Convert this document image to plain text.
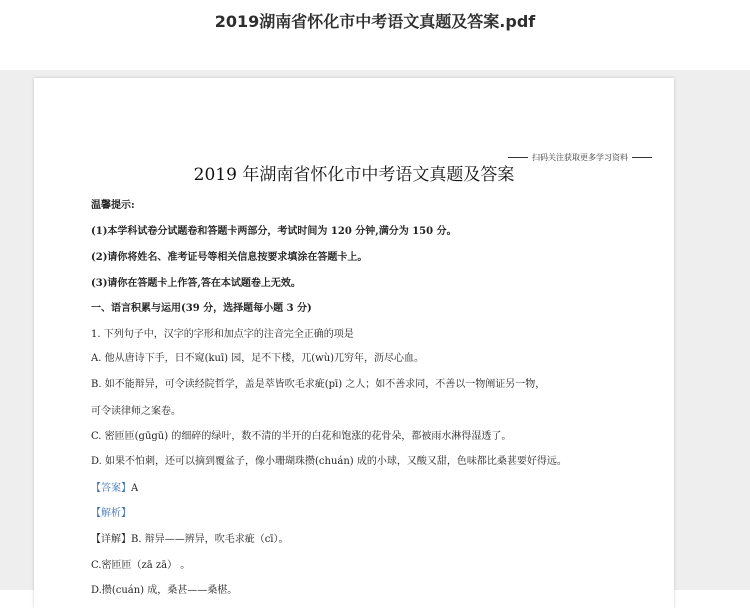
2019湖南省怀化市中考语文真题及答案.pdf
扫码关注获取更多学习资料
2019 年湖南省怀化市中考语文真题及答案
温馨提示:
(1)本学科试卷分试题卷和答题卡两部分，考试时间为 120 分钟,满分为 150 分。
(2)请你将姓名、准考证号等相关信息按要求填涂在答题卡上。
(3)请你在答题卡上作答,答在本试题卷上无效。
一、语言积累与运用(39 分，选择题每小题 3 分)
1. 下列句子中，汉字的字形和加点字的注音完全正确的项是
A. 他从唐诗下手，日不窥(kuī) 园，足不下楼，兀(wù)兀穷年，沥尽心血。
B. 如不能辩异，可令读经院哲学，盖是萃皆吹毛求疵(pī) 之人；如不善求同，不善以一物阐证另一物，
可令读律师之案卷。
C. 密匝匝(gūgū) 的细碎的绿叶，数不清的半开的白花和饱涨的花骨朵，都被雨水淋得湿透了。
D. 如果不怕刺，还可以摘到覆盆子，像小珊瑚珠攒(chuán) 成的小球，又酸又甜，色味都比桑葚要好得远。
【答案】A
【解析】
【详解】B. 辩异——辨异，吹毛求疵（cī）。
C.密匝匝（zā zā） 。
D.攒(cuán) 成，桑甚——桑椹。
